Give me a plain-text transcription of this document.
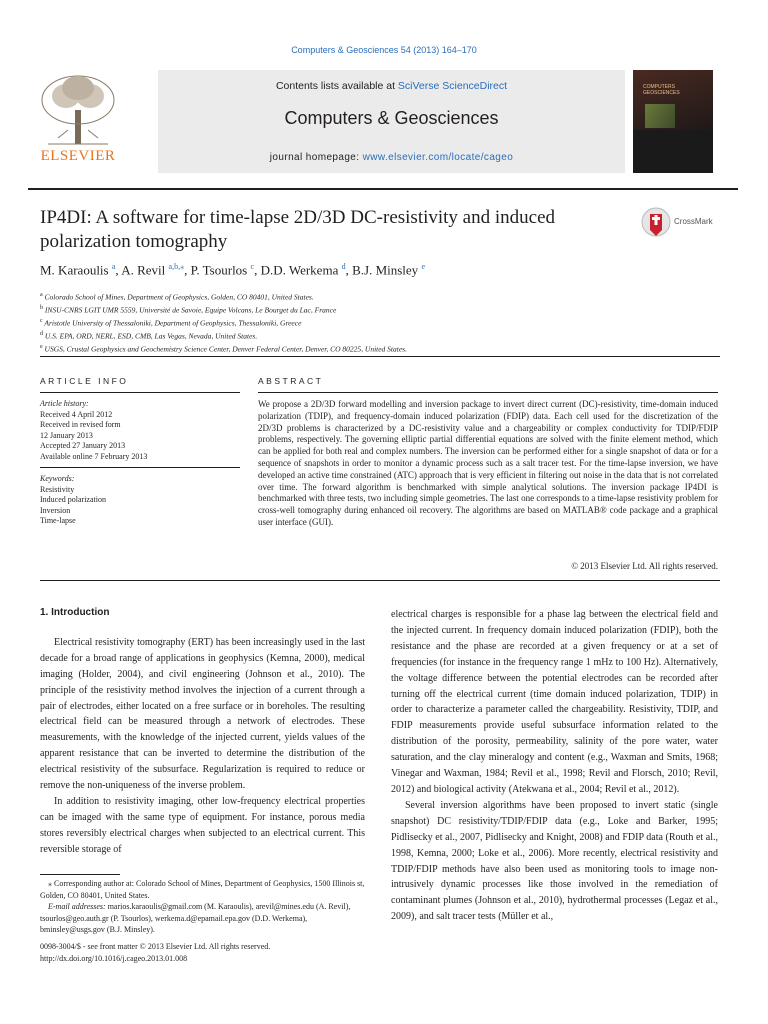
Computers & Geosciences 54 (2013) 164–170
ELSEVIER
Contents lists available at SciVerse ScienceDirect
Computers & Geosciences
journal homepage: www.elsevier.com/locate/cageo
COMPUTERS
GEOSCIENCES
IP4DI: A software for time-lapse 2D/3D DC-resistivity and induced polarization tomography
CrossMark
M. Karaoulis $^a$, A. Revil $^{a,b,⁎}$, P. Tsourlos $^c$, D.D. Werkema $^d$, B.J. Minsley $^e$
$^a$ Colorado School of Mines, Department of Geophysics, Golden, CO 80401, United States.
$^b$ INSU-CNRS LGIT UMR 5559, Université de Savoie, Equipe Volcans, Le Bourget du Lac, France
$^c$ Aristotle University of Thessaloniki, Department of Geophysics, Thessaloniki, Greece
$^d$ U.S. EPA, ORD, NERL, ESD, CMB, Las Vegas, Nevada, United States.
$^e$ USGS, Crustal Geophysics and Geochemistry Science Center, Denver Federal Center, Denver, CO 80225, United States.
ARTICLE INFO	ABSTRACT
Article history:
Received 4 April 2012
Received in revised form
12 January 2013
Accepted 27 January 2013
Available online 7 February 2013
Keywords:
Resistivity
Induced polarization
Inversion
Time-lapse
We propose a 2D/3D forward modelling and inversion package to invert direct current (DC)-resistivity, time-domain induced polarization (TDIP), and frequency-domain induced polarization (FDIP) data. Each cell used for the discretization of the 2D/3D problems is characterized by a DC-resistivity value and a chargeability or complex conductivity for TDIP/FDIP problems, respectively. The governing elliptic partial differential equations are solved with the finite element method, which can be applied for both real and complex numbers. The inversion can be performed either for a single snapshot of data or for a sequence of snapshots in order to monitor a dynamic process such as a salt tracer test. For the time-lapse inversion, we have developed an active time constrained (ATC) approach that is very efficient in filtering out noise in the data that is not correlated over time. The forward algorithm is benchmarked with simple analytical solutions. The inversion package IP4DI is benchmarked with three tests, two including simple geometries. The last one corresponds to a time-lapse resistivity problem for cross-well tomography during enhanced oil recovery. The algorithms are based on MATLAB® code package and a graphical user interface (GUI).
© 2013 Elsevier Ltd. All rights reserved.
1. Introduction

Electrical resistivity tomography (ERT) has been increasingly used in the last decade for a broad range of applications in geophysics (Kemna, 2000), medical imaging (Holder, 2004), and civil engineering (Johnson et al., 2010). The principle of the resistivity method involves the injection of a current through a pair of electrodes, either located on a free surface or in boreholes. The resulting electrical field can be measured through a network of electrodes. These measurements, with the knowledge of the injected current, yields values of the apparent resistance that can be inverted to determine the distribution of the electrical resistivity of the subsurface. Regularization is required to reduce or remove the non-uniqueness of the inverse problem.

In addition to resistivity imaging, other low-frequency electrical properties can be imaged with the same type of equipment. For instance, porous media stores reversibly electrical charges when subjected to an electrical current. This reversible storage of

electrical charges is responsible for a phase lag between the electrical field and the injected current. In frequency domain induced polarization (FDIP), both the resistance and the phase are recorded at a given frequency or at a set of frequencies (for instance in the frequency range 1 mHz to 100 Hz). Alternatively, the voltage difference between the potential electrodes can be recorded after turning off the electrical current (time domain induced polarization, TDIP) in order to characterize a parameter called the chargeability. Resistivity, TDIP, and FDIP measurements provide useful subsurface information related to the distribution of the porosity, permeability, salinity of the pore water, water saturation, and the clay mineralogy and content (e.g., Waxman and Smits, 1968; Vinegar and Waxman, 1984; Revil et al., 1998; Revil and Florsch, 2010; Revil, 2012) and biological activity (Atekwana et al., 2004; Revil et al., 2012).

Several inversion algorithms have been proposed to invert static (single snapshot) DC resistivity/TDIP/FDIP data (e.g., Loke and Barker, 1995; Pidlisecky et al., 2007, Pidlisecky and Knight, 2008) and FDIP data (Routh et al., 1998, Kemna, 2000; Loke et al., 2006). More recently, electrical resistivity and TDIP/FDIP methods have also been used as monitoring tools to image non-intrusively dynamic processes like those involved in the remediation of contaminant plumes (Johnson et al., 2010), hydrothermal processes (Legaz et al., 2009), and salt tracer tests (Müller et al.,

⁎ Corresponding author at: Colorado School of Mines, Department of Geophysics, 1500 Illinois st, Golden, CO 80401, United States.
E-mail addresses: marios.karaoulis@gmail.com (M. Karaoulis), arevil@mines.edu (A. Revil), tsourlos@geo.auth.gr (P. Tsourlos), werkema.d@epamail.epa.gov (D.D. Werkema), bminsley@usgs.gov (B.J. Minsley).
0098-3004/$ - see front matter © 2013 Elsevier Ltd. All rights reserved.
http://dx.doi.org/10.1016/j.cageo.2013.01.008
